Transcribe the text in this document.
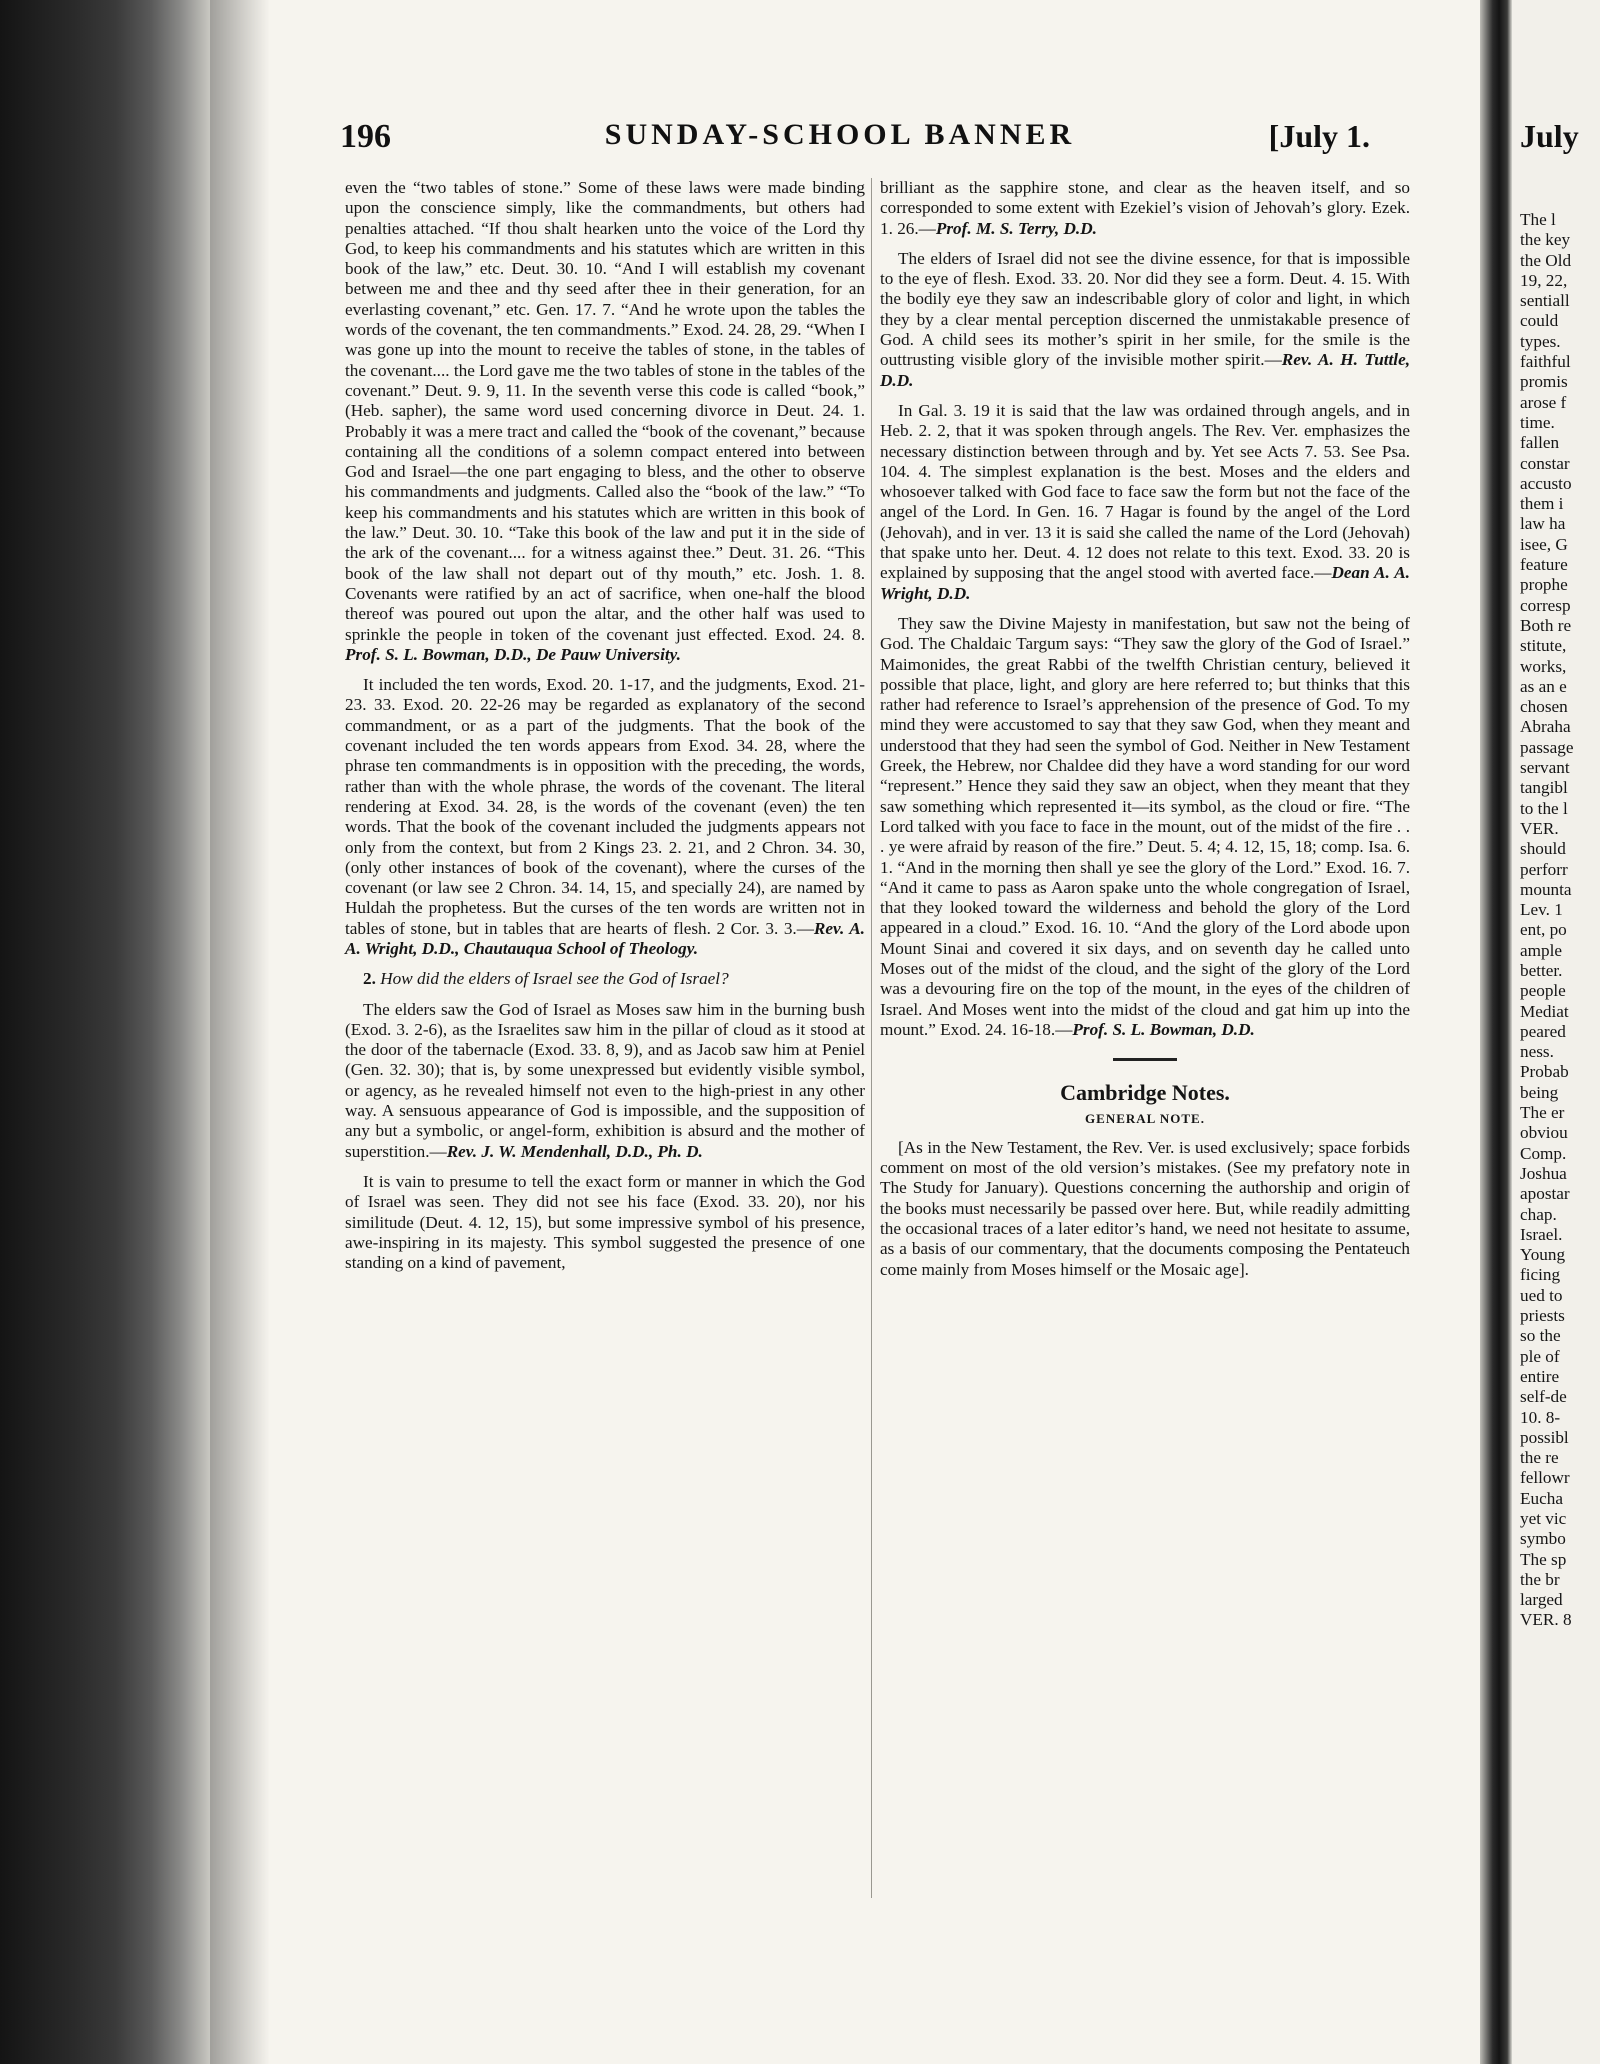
196	SUNDAY-SCHOOL BANNER	[July 1.

even the “two tables of stone.” Some of these laws were made binding upon the conscience simply, like the commandments, but others had penalties attached. “If thou shalt hearken unto the voice of the Lord thy God, to keep his commandments and his statutes which are written in this book of the law,” etc. Deut. 30. 10. “And I will establish my covenant between me and thee and thy seed after thee in their generation, for an everlasting covenant,” etc. Gen. 17. 7. “And he wrote upon the tables the words of the covenant, the ten commandments.” Exod. 24. 28, 29. “When I was gone up into the mount to receive the tables of stone, in the tables of the covenant.... the Lord gave me the two tables of stone in the tables of the covenant.” Deut. 9. 9, 11. In the seventh verse this code is called “book,” (Heb. sapher), the same word used concerning divorce in Deut. 24. 1. Probably it was a mere tract and called the “book of the covenant,” because containing all the conditions of a solemn compact entered into between God and Israel—the one part engaging to bless, and the other to observe his commandments and judgments. Called also the “book of the law.” “To keep his commandments and his statutes which are written in this book of the law.” Deut. 30. 10. “Take this book of the law and put it in the side of the ark of the covenant.... for a witness against thee.” Deut. 31. 26. “This book of the law shall not depart out of thy mouth,” etc. Josh. 1. 8. Covenants were ratified by an act of sacrifice, when one-half the blood thereof was poured out upon the altar, and the other half was used to sprinkle the people in token of the covenant just effected. Exod. 24. 8. Prof. S. L. Bowman, D.D., De Pauw University.

It included the ten words, Exod. 20. 1-17, and the judgments, Exod. 21-23. 33. Exod. 20. 22-26 may be regarded as explanatory of the second commandment, or as a part of the judgments. That the book of the covenant included the ten words appears from Exod. 34. 28, where the phrase ten commandments is in opposition with the preceding, the words, rather than with the whole phrase, the words of the covenant. The literal rendering at Exod. 34. 28, is the words of the covenant (even) the ten words. That the book of the covenant included the judgments appears not only from the context, but from 2 Kings 23. 2. 21, and 2 Chron. 34. 30, (only other instances of book of the covenant), where the curses of the covenant (or law see 2 Chron. 34. 14, 15, and specially 24), are named by Huldah the prophetess. But the curses of the ten words are written not in tables of stone, but in tables that are hearts of flesh. 2 Cor. 3. 3.—Rev. A. A. Wright, D.D., Chautauqua School of Theology.

2. How did the elders of Israel see the God of Israel?

The elders saw the God of Israel as Moses saw him in the burning bush (Exod. 3. 2-6), as the Israelites saw him in the pillar of cloud as it stood at the door of the tabernacle (Exod. 33. 8, 9), and as Jacob saw him at Peniel (Gen. 32. 30); that is, by some unexpressed but evidently visible symbol, or agency, as he revealed himself not even to the high-priest in any other way. A sensuous appearance of God is impossible, and the supposition of any but a symbolic, or angel-form, exhibition is absurd and the mother of superstition.—Rev. J. W. Mendenhall, D.D., Ph. D.

It is vain to presume to tell the exact form or manner in which the God of Israel was seen. They did not see his face (Exod. 33. 20), nor his similitude (Deut. 4. 12, 15), but some impressive symbol of his presence, awe-inspiring in its majesty. This symbol suggested the presence of one standing on a kind of pavement,

brilliant as the sapphire stone, and clear as the heaven itself, and so corresponded to some extent with Ezekiel’s vision of Jehovah’s glory. Ezek. 1. 26.—Prof. M. S. Terry, D.D.

The elders of Israel did not see the divine essence, for that is impossible to the eye of flesh. Exod. 33. 20. Nor did they see a form. Deut. 4. 15. With the bodily eye they saw an indescribable glory of color and light, in which they by a clear mental perception discerned the unmistakable presence of God. A child sees its mother’s spirit in her smile, for the smile is the outtrusting visible glory of the invisible mother spirit.—Rev. A. H. Tuttle, D.D.

In Gal. 3. 19 it is said that the law was ordained through angels, and in Heb. 2. 2, that it was spoken through angels. The Rev. Ver. emphasizes the necessary distinction between through and by. Yet see Acts 7. 53. See Psa. 104. 4. The simplest explanation is the best. Moses and the elders and whosoever talked with God face to face saw the form but not the face of the angel of the Lord. In Gen. 16. 7 Hagar is found by the angel of the Lord (Jehovah), and in ver. 13 it is said she called the name of the Lord (Jehovah) that spake unto her. Deut. 4. 12 does not relate to this text. Exod. 33. 20 is explained by supposing that the angel stood with averted face.—Dean A. A. Wright, D.D.

They saw the Divine Majesty in manifestation, but saw not the being of God. The Chaldaic Targum says: “They saw the glory of the God of Israel.” Maimonides, the great Rabbi of the twelfth Christian century, believed it possible that place, light, and glory are here referred to; but thinks that this rather had reference to Israel’s apprehension of the presence of God. To my mind they were accustomed to say that they saw God, when they meant and understood that they had seen the symbol of God. Neither in New Testament Greek, the Hebrew, nor Chaldee did they have a word standing for our word “represent.” Hence they said they saw an object, when they meant that they saw something which represented it—its symbol, as the cloud or fire. “The Lord talked with you face to face in the mount, out of the midst of the fire . . . ye were afraid by reason of the fire.” Deut. 5. 4; 4. 12, 15, 18; comp. Isa. 6. 1. “And in the morning then shall ye see the glory of the Lord.” Exod. 16. 7. “And it came to pass as Aaron spake unto the whole congregation of Israel, that they looked toward the wilderness and behold the glory of the Lord appeared in a cloud.” Exod. 16. 10. “And the glory of the Lord abode upon Mount Sinai and covered it six days, and on seventh day he called unto Moses out of the midst of the cloud, and the sight of the glory of the Lord was a devouring fire on the top of the mount, in the eyes of the children of Israel. And Moses went into the midst of the cloud and gat him up into the mount.” Exod. 24. 16-18.—Prof. S. L. Bowman, D.D.

Cambridge Notes.
GENERAL NOTE.

[As in the New Testament, the Rev. Ver. is used exclusively; space forbids comment on most of the old version’s mistakes. (See my prefatory note in The Study for January). Questions concerning the authorship and origin of the books must necessarily be passed over here. But, while readily admitting the occasional traces of a later editor’s hand, we need not hesitate to assume, as a basis of our commentary, that the documents composing the Pentateuch come mainly from Moses himself or the Mosaic age].

July
The l
the key
the Old
19, 22,
sentiall
could
types.
faithful
promis
arose f
time.
fallen
constar
accusto
them i
law ha
isee, G
feature
prophe
corresp
Both re
stitute,
works,
as an e
chosen
Abraha
passage
servant
tangibl
to the l
VER.
should
perforr
mounta
Lev. 1
ent, po
ample
better.
people
Mediat
peared
ness.
Probab
being
The er
obviou
Comp.
Joshua
apostar
chap.
Israel.
Young
ficing
ued to
priests
so the
ple of
entire
self-de
10. 8-
possibl
the re
fellowr
Eucha
yet vic
symbo
The sp
the br
larged
VER. 8
